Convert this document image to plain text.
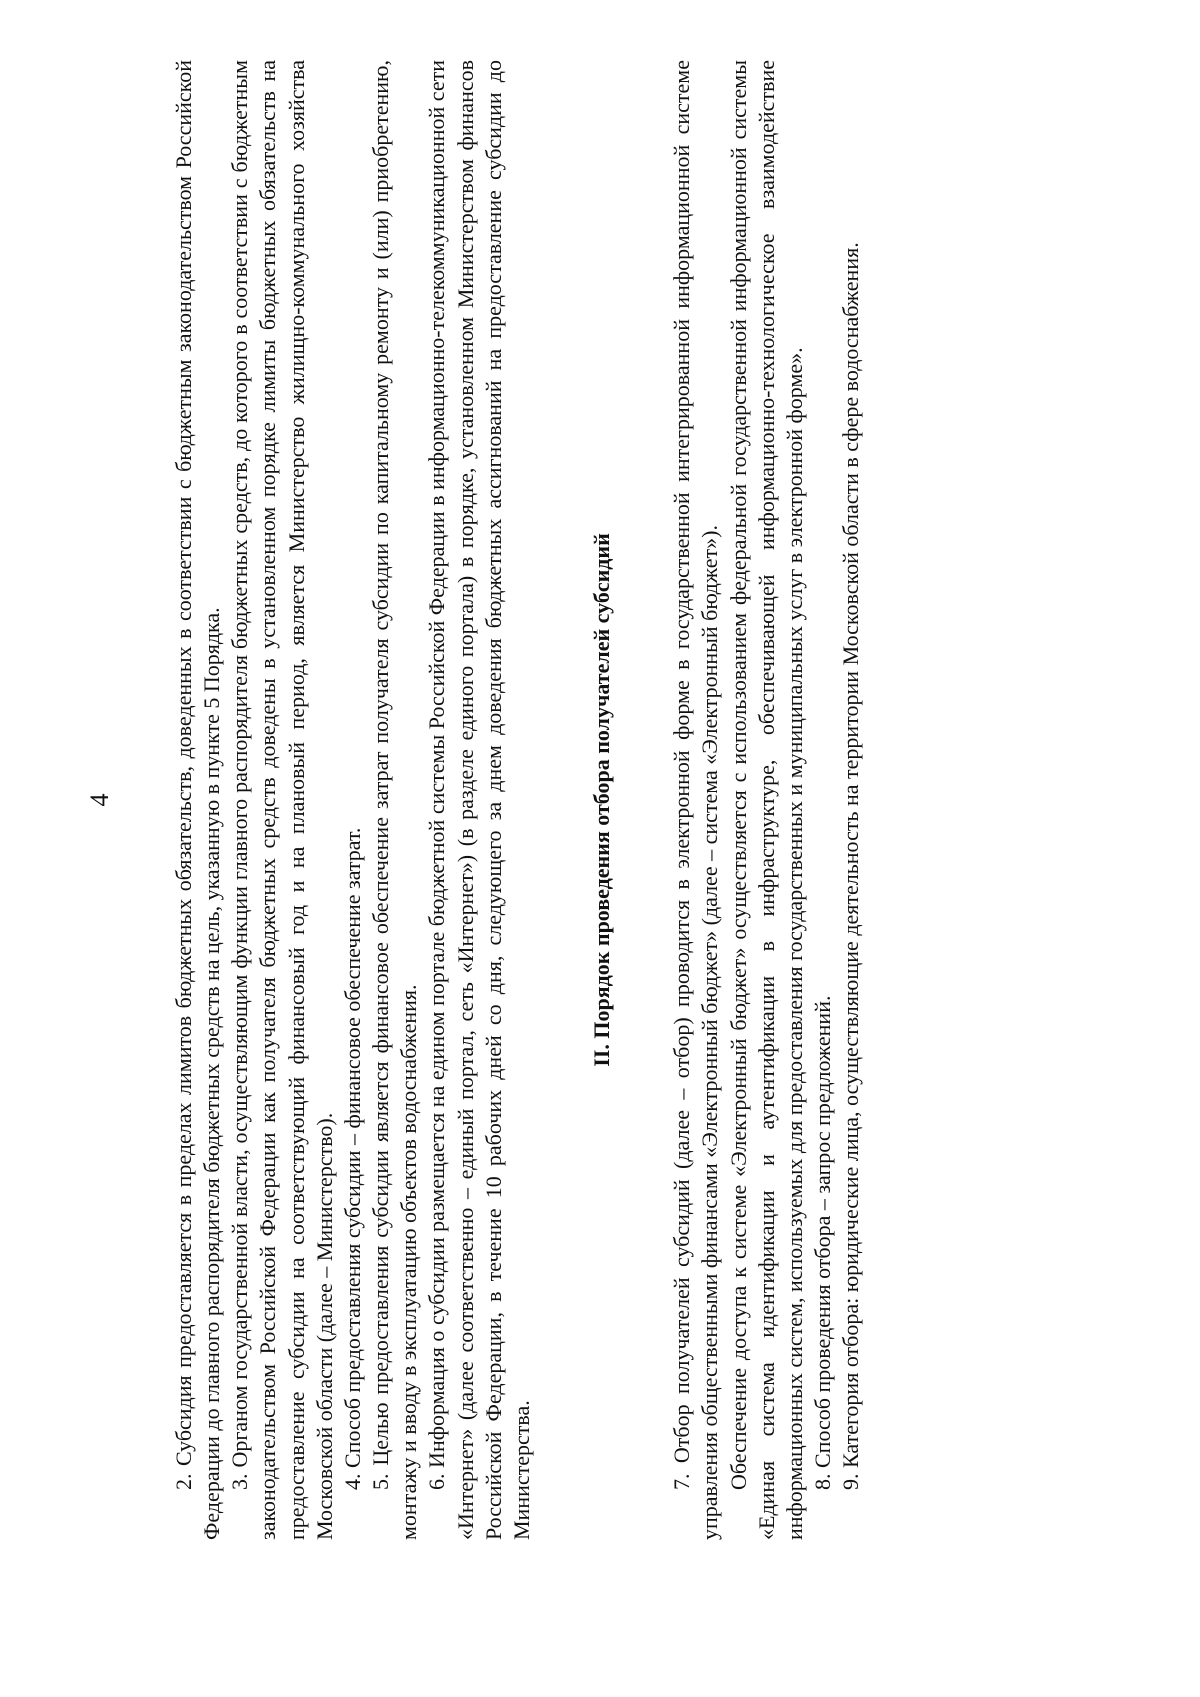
4	2. Субсидия предоставляется в пределах лимитов бюджетных обязательств, доведенных в соответствии с бюджетным законодательством Российской Федерации до главного распорядителя бюджетных средств на цель, указанную в пункте 5 Порядка. 3. Органом государственной власти, осуществляющим функции главного распорядителя бюджетных средств, до которого в соответствии с бюджетным законодательством Российской Федерации как получателя бюджетных средств доведены в установленном порядке лимиты бюджетных обязательств на предоставление субсидии на соответствующий финансовый год и на плановый период, является Министерство жилищно-коммунального хозяйства Московской области (далее – Министерство). 4. Способ предоставления субсидии – финансовое обеспечение затрат. 5. Целью предоставления субсидии является финансовое обеспечение затрат получателя субсидии по капитальному ремонту и (или) приобретению, монтажу и вводу в эксплуатацию объектов водоснабжения. 6. Информация о субсидии размещается на едином портале бюджетной системы Российской Федерации в информационно-телекоммуникационной сети «Интернет» (далее соответственно – единый портал, сеть «Интернет») (в разделе единого портала) в порядке, установленном Министерством финансов Российской Федерации, в течение 10 рабочих дней со дня, следующего за днем доведения бюджетных ассигнований на предоставление субсидии до Министерства.

II. Порядок проведения отбора получателей субсидий	7. Отбор получателей субсидий (далее – отбор) проводится в электронной форме в государственной интегрированной информационной системе управления общественными финансами «Электронный бюджет» (далее – система «Электронный бюджет»). Обеспечение доступа к системе «Электронный бюджет» осуществляется с использованием федеральной государственной информационной системы «Единая система идентификации и аутентификации в инфраструктуре, обеспечивающей информационно-технологическое взаимодействие информационных систем, используемых для предоставления государственных и муниципальных услуг в электронной форме». 8. Способ проведения отбора – запрос предложений. 9. Категория отбора: юридические лица, осуществляющие деятельность на территории Московской области в сфере водоснабжения.
